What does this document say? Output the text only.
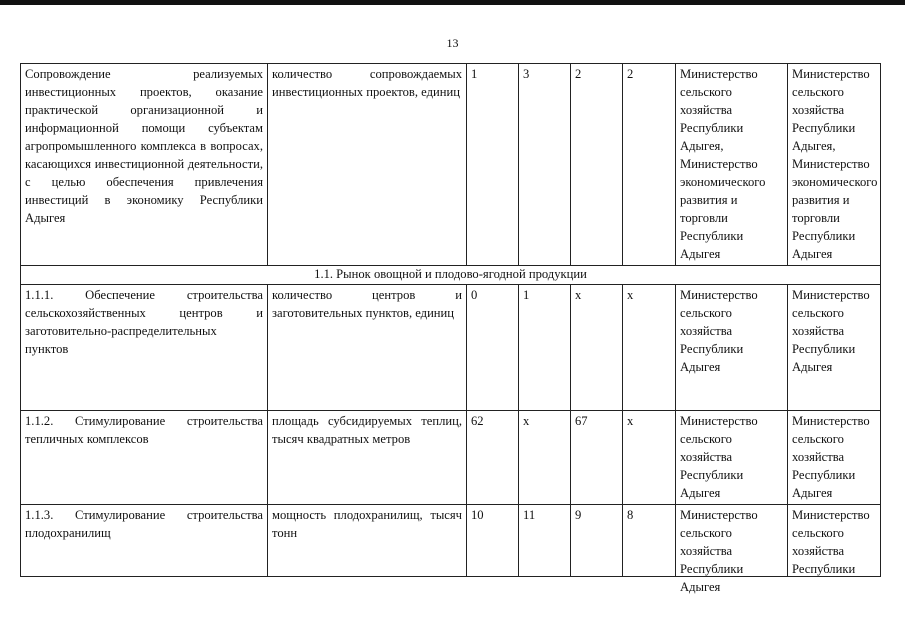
13
Сопровождение реализуемых инвестиционных проектов, оказание практической организационной и информационной помощи субъектам агропромышленного комплекса в вопросах, касающихся инвестиционной деятельности, с целью обеспечения привлечения инвестиций в экономику Республики Адыгея	количество сопровождаемых инвестиционных проектов, единиц	1	3	2	2	Министерство сельского хозяйства Республики Адыгея, Министерство экономического развития и торговли Республики Адыгея	Министерство сельского хозяйства Республики Адыгея, Министерство экономического развития и торговли Республики Адыгея
1.1. Рынок овощной и плодово-ягодной продукции							
1.1.1. Обеспечение строительства сельскохозяйственных центров и заготовительно-распределительных пунктов	количество центров и заготовительных пунктов, единиц	0	1	х	х	Министерство сельского хозяйства Республики Адыгея	Министерство сельского хозяйства Республики Адыгея
1.1.2. Стимулирование строительства тепличных комплексов	площадь субсидируемых теплиц, тысяч квадратных метров	62	х	67	х	Министерство сельского хозяйства Республики Адыгея	Министерство сельского хозяйства Республики Адыгея
1.1.3. Стимулирование строительства плодохранилищ	мощность плодохранилищ, тысяч тонн	10	11	9	8	Министерство сельского хозяйства Республики Адыгея	Министерство сельского хозяйства Республики
